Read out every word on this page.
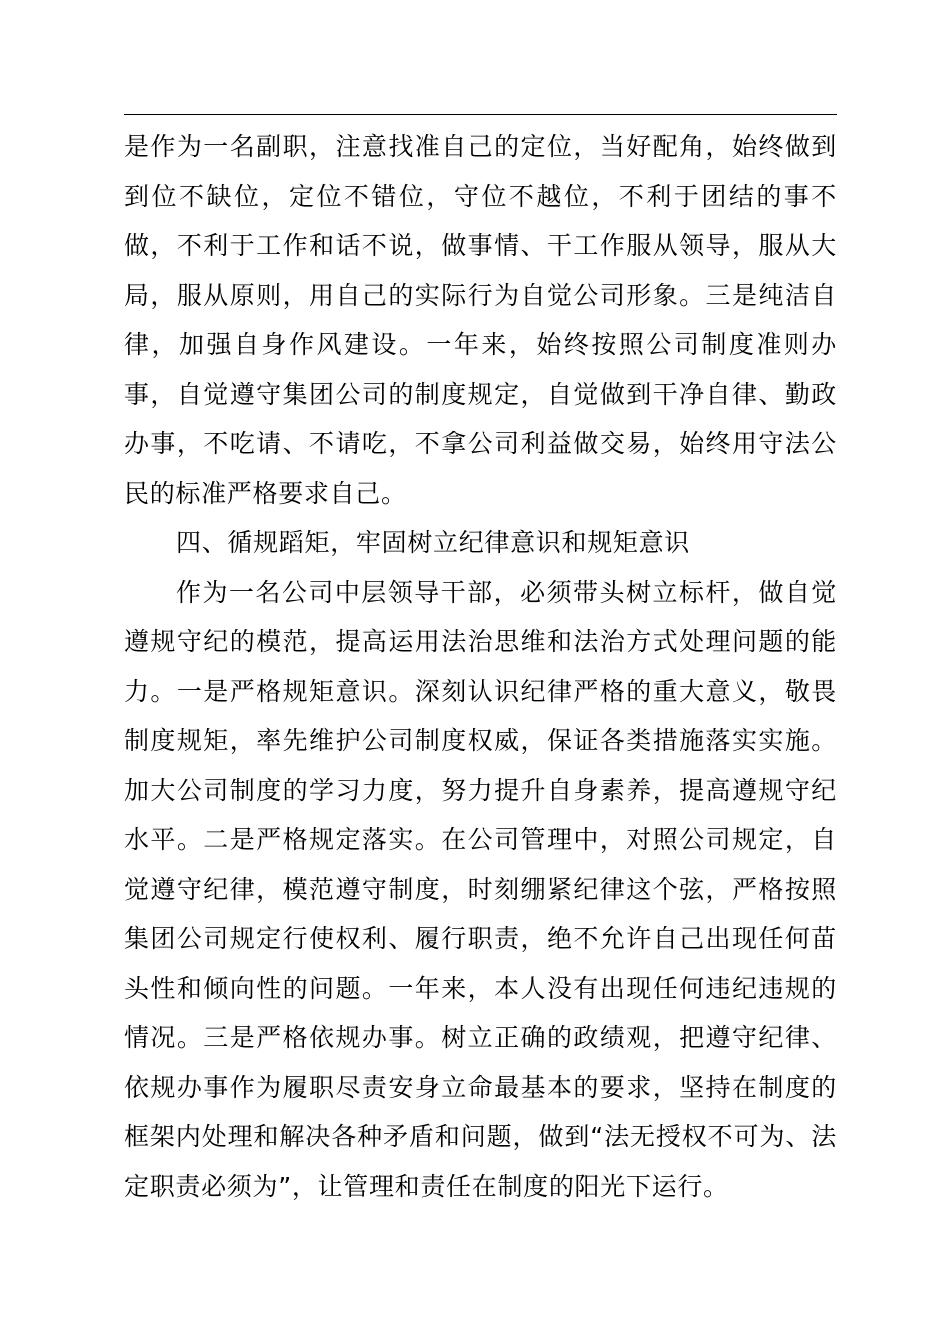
是作为一名副职，注意找准自己的定位，当好配角，始终做到到位不缺位，定位不错位，守位不越位，不利于团结的事不做，不利于工作和话不说，做事情、干工作服从领导，服从大局，服从原则，用自己的实际行为自觉公司形象。三是纯洁自律，加强自身作风建设。一年来，始终按照公司制度准则办事，自觉遵守集团公司的制度规定，自觉做到干净自律、勤政办事，不吃请、不请吃，不拿公司利益做交易，始终用守法公民的标准严格要求自己。

四、循规蹈矩，牢固树立纪律意识和规矩意识

作为一名公司中层领导干部，必须带头树立标杆，做自觉遵规守纪的模范，提高运用法治思维和法治方式处理问题的能力。一是严格规矩意识。深刻认识纪律严格的重大意义，敬畏制度规矩，率先维护公司制度权威，保证各类措施落实实施。加大公司制度的学习力度，努力提升自身素养，提高遵规守纪水平。二是严格规定落实。在公司管理中，对照公司规定，自觉遵守纪律，模范遵守制度，时刻绷紧纪律这个弦，严格按照集团公司规定行使权利、履行职责，绝不允许自己出现任何苗头性和倾向性的问题。一年来，本人没有出现任何违纪违规的情况。三是严格依规办事。树立正确的政绩观，把遵守纪律、依规办事作为履职尽责安身立命最基本的要求，坚持在制度的框架内处理和解决各种矛盾和问题，做到“法无授权不可为、法定职责必须为”，让管理和责任在制度的阳光下运行。
